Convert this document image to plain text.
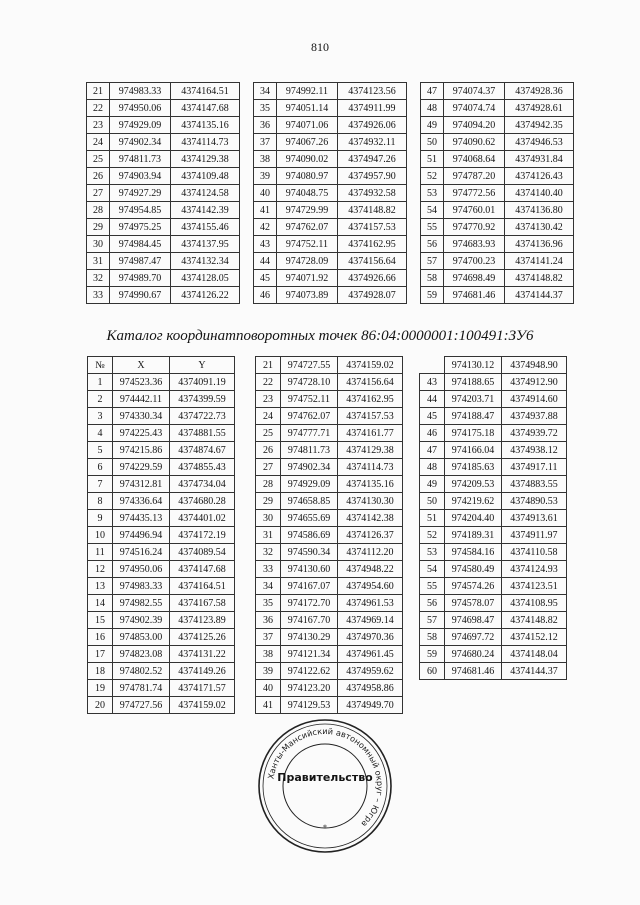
810
21	974983.33	4374164.51
22	974950.06	4374147.68
23	974929.09	4374135.16
24	974902.34	4374114.73
25	974811.73	4374129.38
26	974903.94	4374109.48
27	974927.29	4374124.58
28	974954.85	4374142.39
29	974975.25	4374155.46
30	974984.45	4374137.95
31	974987.47	4374132.34
32	974989.70	4374128.05
33	974990.67	4374126.22
34	974992.11	4374123.56
35	974051.14	4374911.99
36	974071.06	4374926.06
37	974067.26	4374932.11
38	974090.02	4374947.26
39	974080.97	4374957.90
40	974048.75	4374932.58
41	974729.99	4374148.82
42	974762.07	4374157.53
43	974752.11	4374162.95
44	974728.09	4374156.64
45	974071.92	4374926.66
46	974073.89	4374928.07
47	974074.37	4374928.36
48	974074.74	4374928.61
49	974094.20	4374942.35
50	974090.62	4374946.53
51	974068.64	4374931.84
52	974787.20	4374126.43
53	974772.56	4374140.40
54	974760.01	4374136.80
55	974770.92	4374130.42
56	974683.93	4374136.96
57	974700.23	4374141.24
58	974698.49	4374148.82
59	974681.46	4374144.37
Каталог координатповоротных точек 86:04:0000001:100491:ЗУ6
№	X	Y
1	974523.36	4374091.19
2	974442.11	4374399.59
3	974330.34	4374722.73
4	974225.43	4374881.55
5	974215.86	4374874.67
6	974229.59	4374855.43
7	974312.81	4374734.04
8	974336.64	4374680.28
9	974435.13	4374401.02
10	974496.94	4374172.19
11	974516.24	4374089.54
12	974950.06	4374147.68
13	974983.33	4374164.51
14	974982.55	4374167.58
15	974902.39	4374123.89
16	974853.00	4374125.26
17	974823.08	4374131.22
18	974802.52	4374149.26
19	974781.74	4374171.57
20	974727.56	4374159.02
21	974727.55	4374159.02
22	974728.10	4374156.64
23	974752.11	4374162.95
24	974762.07	4374157.53
25	974777.71	4374161.77
26	974811.73	4374129.38
27	974902.34	4374114.73
28	974929.09	4374135.16
29	974658.85	4374130.30
30	974655.69	4374142.38
31	974586.69	4374126.37
32	974590.34	4374112.20
33	974130.60	4374948.22
34	974167.07	4374954.60
35	974172.70	4374961.53
36	974167.70	4374969.14
37	974130.29	4374970.36
38	974121.34	4374961.45
39	974122.62	4374959.62
40	974123.20	4374958.86
41	974129.53	4374949.70
	974130.12	4374948.90
43	974188.65	4374912.90
44	974203.71	4374914.60
45	974188.47	4374937.88
46	974175.18	4374939.72
47	974166.04	4374938.12
48	974185.63	4374917.11
49	974209.53	4374883.55
50	974219.62	4374890.53
51	974204.40	4374913.61
52	974189.31	4374911.97
53	974584.16	4374110.58
54	974580.49	4374124.93
55	974574.26	4374123.51
56	974578.07	4374108.95
57	974698.47	4374148.82
58	974697.72	4374152.12
59	974680.24	4374148.04
60	974681.46	4374144.37
Ханты-Мансийский автономный округ – Югра
*
Правительство
